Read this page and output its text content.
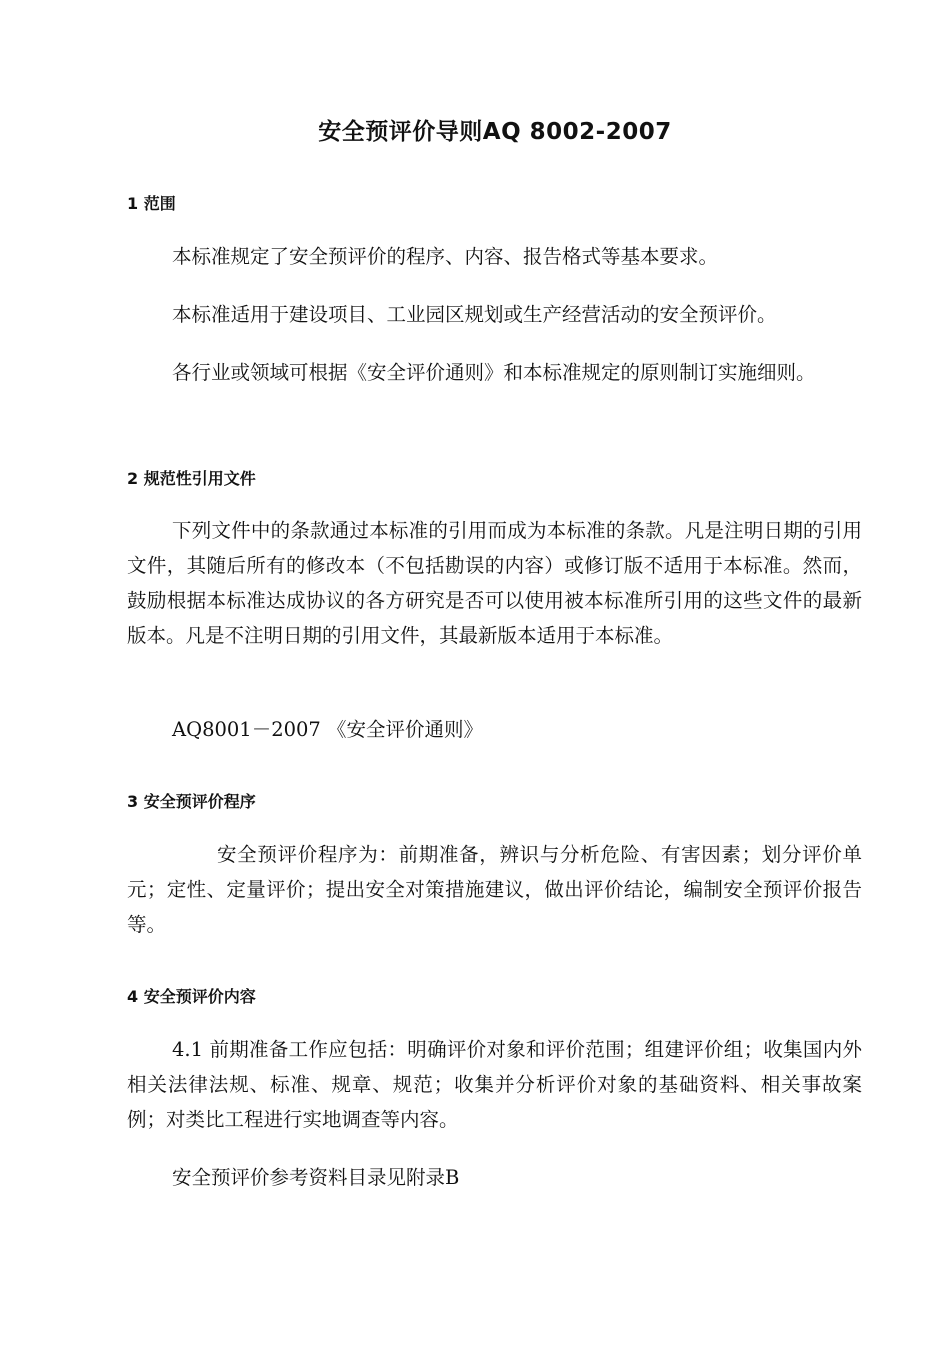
安全预评价导则AQ 8002-2007
1 范围
本标准规定了安全预评价的程序、内容、报告格式等基本要求。
本标准适用于建设项目、工业园区规划或生产经营活动的安全预评价。

各行业或领域可根据《安全评价通则》和本标准规定的原则制订实施细则。

2 规范性引用文件

下列文件中的条款通过本标准的引用而成为本标准的条款。凡是注明日期的引用文件，其随后所有的修改本（不包括勘误的内容）或修订版不适用于本标准。然而，鼓励根据本标准达成协议的各方研究是否可以使用被本标准所引用的这些文件的最新版本。凡是不注明日期的引用文件，其最新版本适用于本标准。

AQ8001－2007 《安全评价通则》
3 安全预评价程序

安全预评价程序为：前期准备，辨识与分析危险、有害因素；划分评价单元；定性、定量评价；提出安全对策措施建议，做出评价结论，编制安全预评价报告等。

4 安全预评价内容

4.1 前期准备工作应包括：明确评价对象和评价范围；组建评价组；收集国内外相关法律法规、标准、规章、规范；收集并分析评价对象的基础资料、相关事故案例；对类比工程进行实地调查等内容。

安全预评价参考资料目录见附录B
